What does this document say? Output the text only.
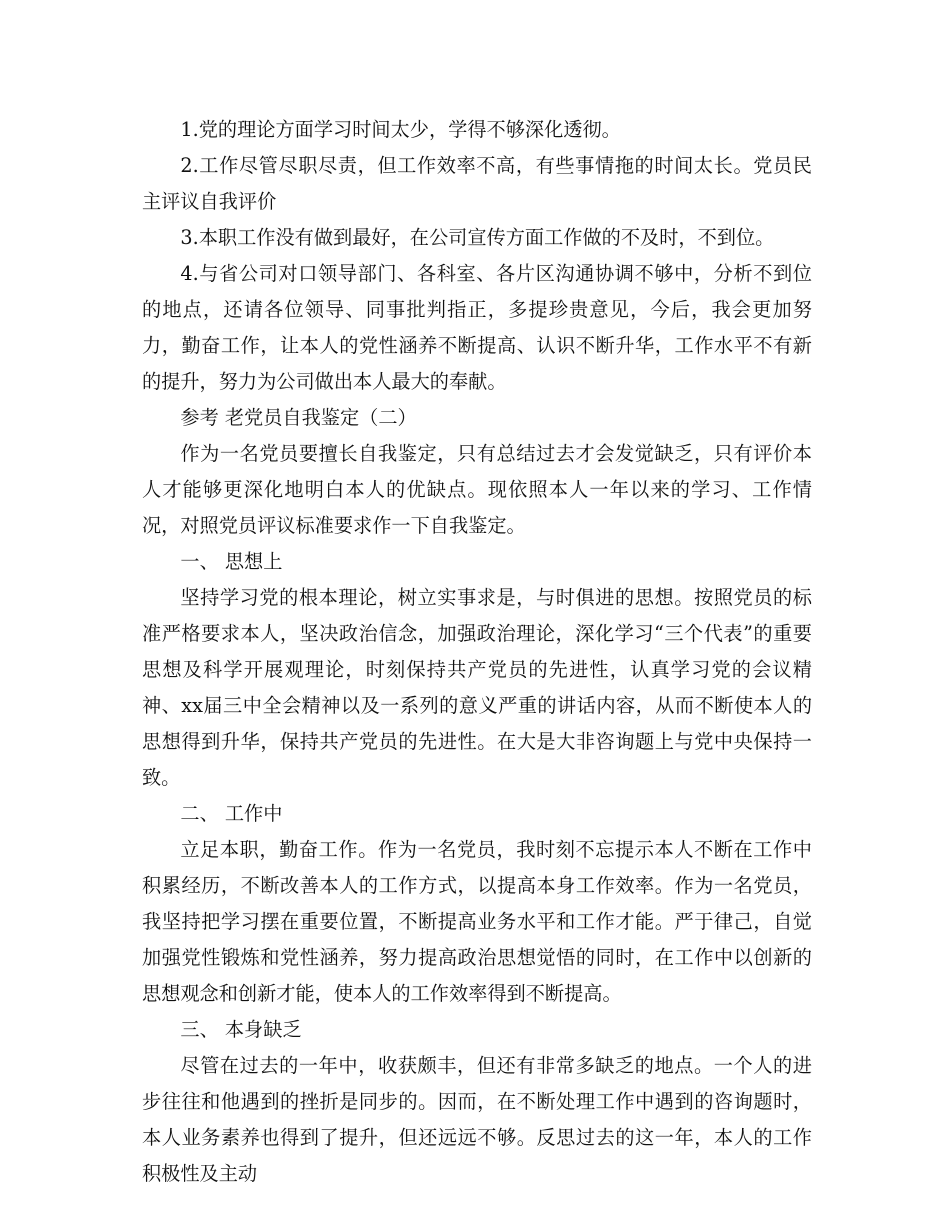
1.党的理论方面学习时间太少，学得不够深化透彻。

2.工作尽管尽职尽责，但工作效率不高，有些事情拖的时间太长。党员民主评议自我评价

3.本职工作没有做到最好，在公司宣传方面工作做的不及时，不到位。

4.与省公司对口领导部门、各科室、各片区沟通协调不够中，分析不到位的地点，还请各位领导、同事批判指正，多提珍贵意见，今后，我会更加努力，勤奋工作，让本人的党性涵养不断提高、认识不断升华，工作水平不有新的提升，努力为公司做出本人最大的奉献。

参考 老党员自我鉴定（二）

作为一名党员要擅长自我鉴定，只有总结过去才会发觉缺乏，只有评价本人才能够更深化地明白本人的优缺点。现依照本人一年以来的学习、工作情况，对照党员评议标准要求作一下自我鉴定。

一、 思想上

坚持学习党的根本理论，树立实事求是，与时俱进的思想。按照党员的标准严格要求本人，坚决政治信念，加强政治理论，深化学习“三个代表”的重要思想及科学开展观理论，时刻保持共产党员的先进性，认真学习党的会议精神、xx届三中全会精神以及一系列的意义严重的讲话内容，从而不断使本人的思想得到升华，保持共产党员的先进性。在大是大非咨询题上与党中央保持一致。

二、 工作中

立足本职，勤奋工作。作为一名党员，我时刻不忘提示本人不断在工作中积累经历，不断改善本人的工作方式，以提高本身工作效率。作为一名党员，我坚持把学习摆在重要位置，不断提高业务水平和工作才能。严于律己，自觉加强党性锻炼和党性涵养，努力提高政治思想觉悟的同时，在工作中以创新的思想观念和创新才能，使本人的工作效率得到不断提高。

三、 本身缺乏

尽管在过去的一年中，收获颇丰，但还有非常多缺乏的地点。一个人的进步往往和他遇到的挫折是同步的。因而，在不断处理工作中遇到的咨询题时，本人业务素养也得到了提升，但还远远不够。反思过去的这一年，本人的工作积极性及主动
